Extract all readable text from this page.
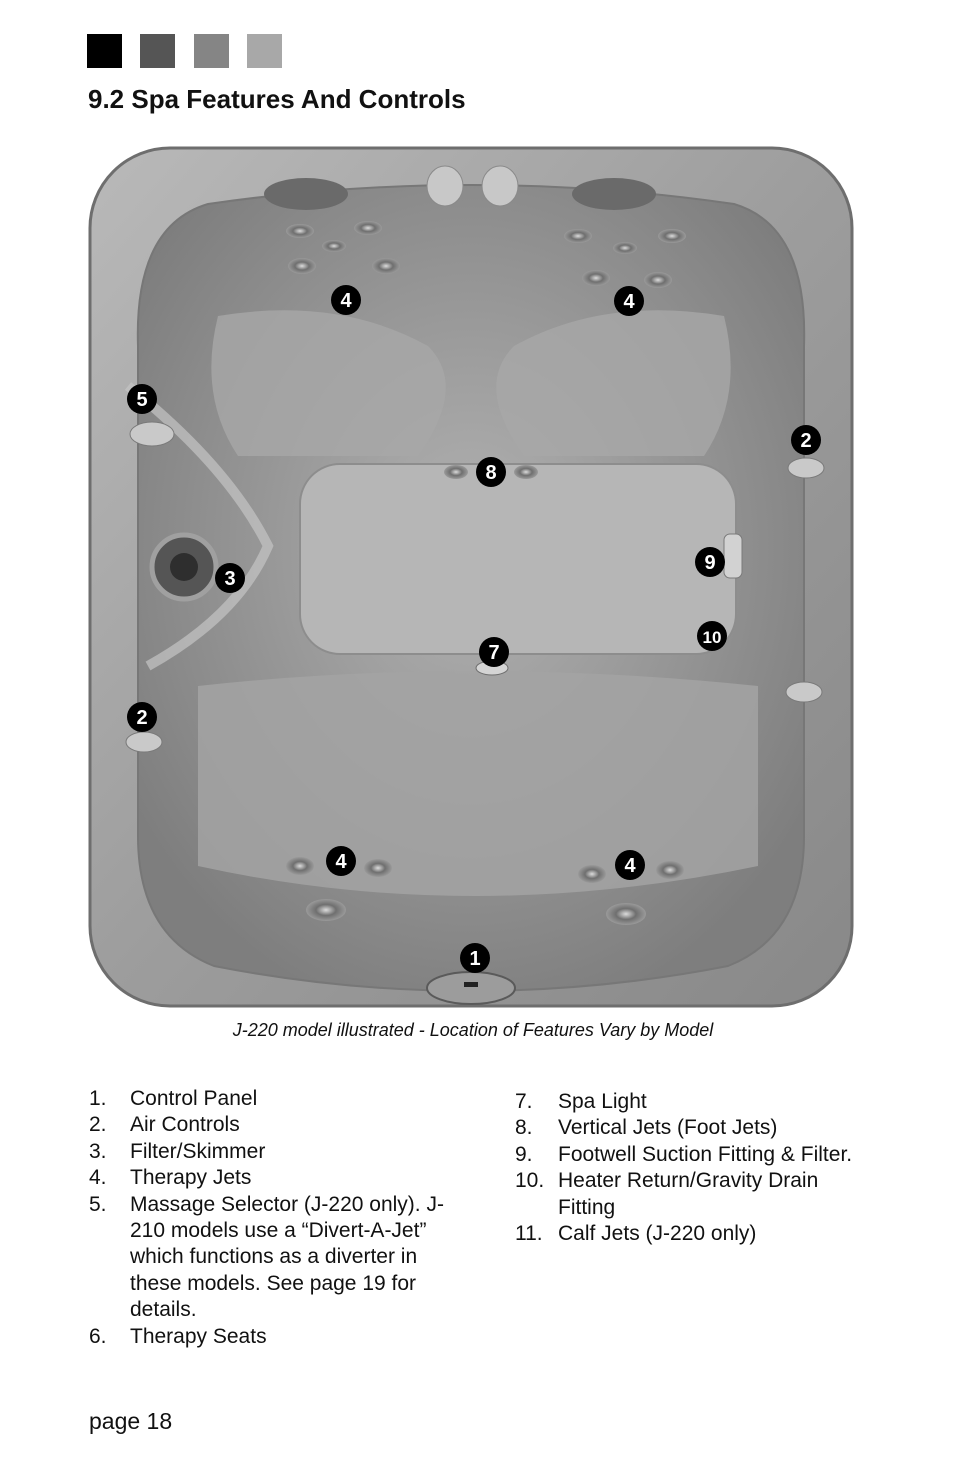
9.2 Spa Features And Controls
4	4
5
2
8
3
9
10
7
2
4	4
1
J-220 model illustrated - Location of Features Vary by Model
1.	Control Panel
2.	Air Controls
3.	Filter/Skimmer
4.	Therapy Jets
5.	Massage Selector (J-220 only). J-210 models use a “Divert-A-Jet” which functions as a diverter in these models. See page 19 for details.
6.	Therapy Seats
7.	Spa Light
8.	Vertical Jets (Foot Jets)
9.	Footwell Suction Fitting & Filter.
10. Heater Return/Gravity Drain Fitting
11. Calf Jets (J-220 only)
page 18
